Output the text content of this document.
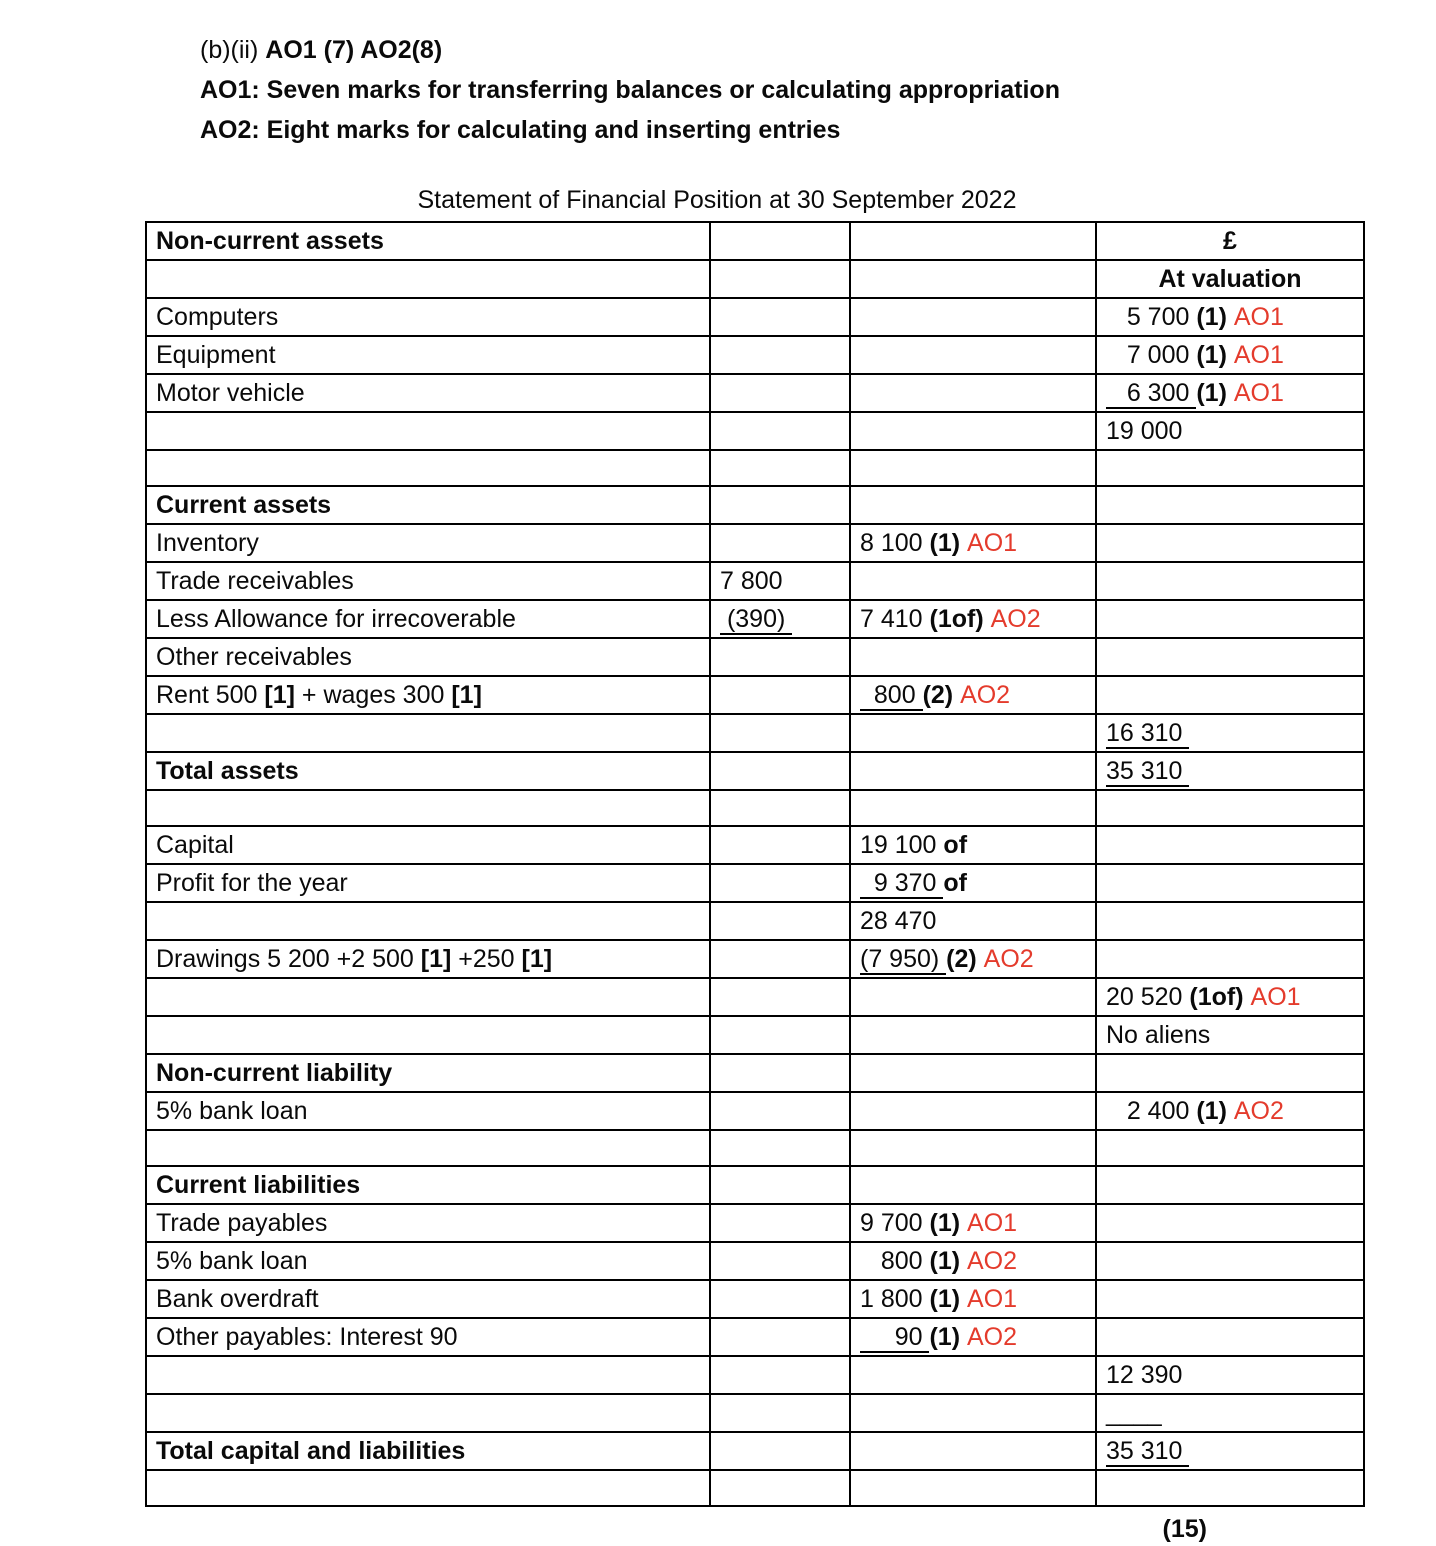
(b)(ii) AO1 (7) AO2(8)
AO1: Seven marks for transferring balances or calculating appropriation
AO2: Eight marks for calculating and inserting entries
Statement of Financial Position at 30 September 2022
Non-current assets			£
			At valuation
Computers			5 700 (1) AO1
Equipment			7 000 (1) AO1
Motor vehicle			6 300 (1) AO1
			19 000

Current assets			
Inventory		8 100 (1) AO1	
Trade receivables	7 800		
Less Allowance for irrecoverable	(390)	7 410 (1of) AO2	
Other receivables			
Rent 500 [1] + wages 300 [1]		800 (2) AO2	
			16 310
Total assets			35 310

Capital		19 100 of	
Profit for the year		9 370 of	
		28 470	
Drawings 5 200 +2 500 [1] +250 [1]		(7 950) (2) AO2	
			20 520 (1of) AO1
			No aliens
Non-current liability			
5% bank loan			2 400 (1) AO2

Current liabilities			
Trade payables		9 700 (1) AO1	
5% bank loan		800 (1) AO2	
Bank overdraft		1 800 (1) AO1	
Other payables: Interest 90		90 (1) AO2	
			12 390
			____
Total capital and liabilities			35 310

(15)
